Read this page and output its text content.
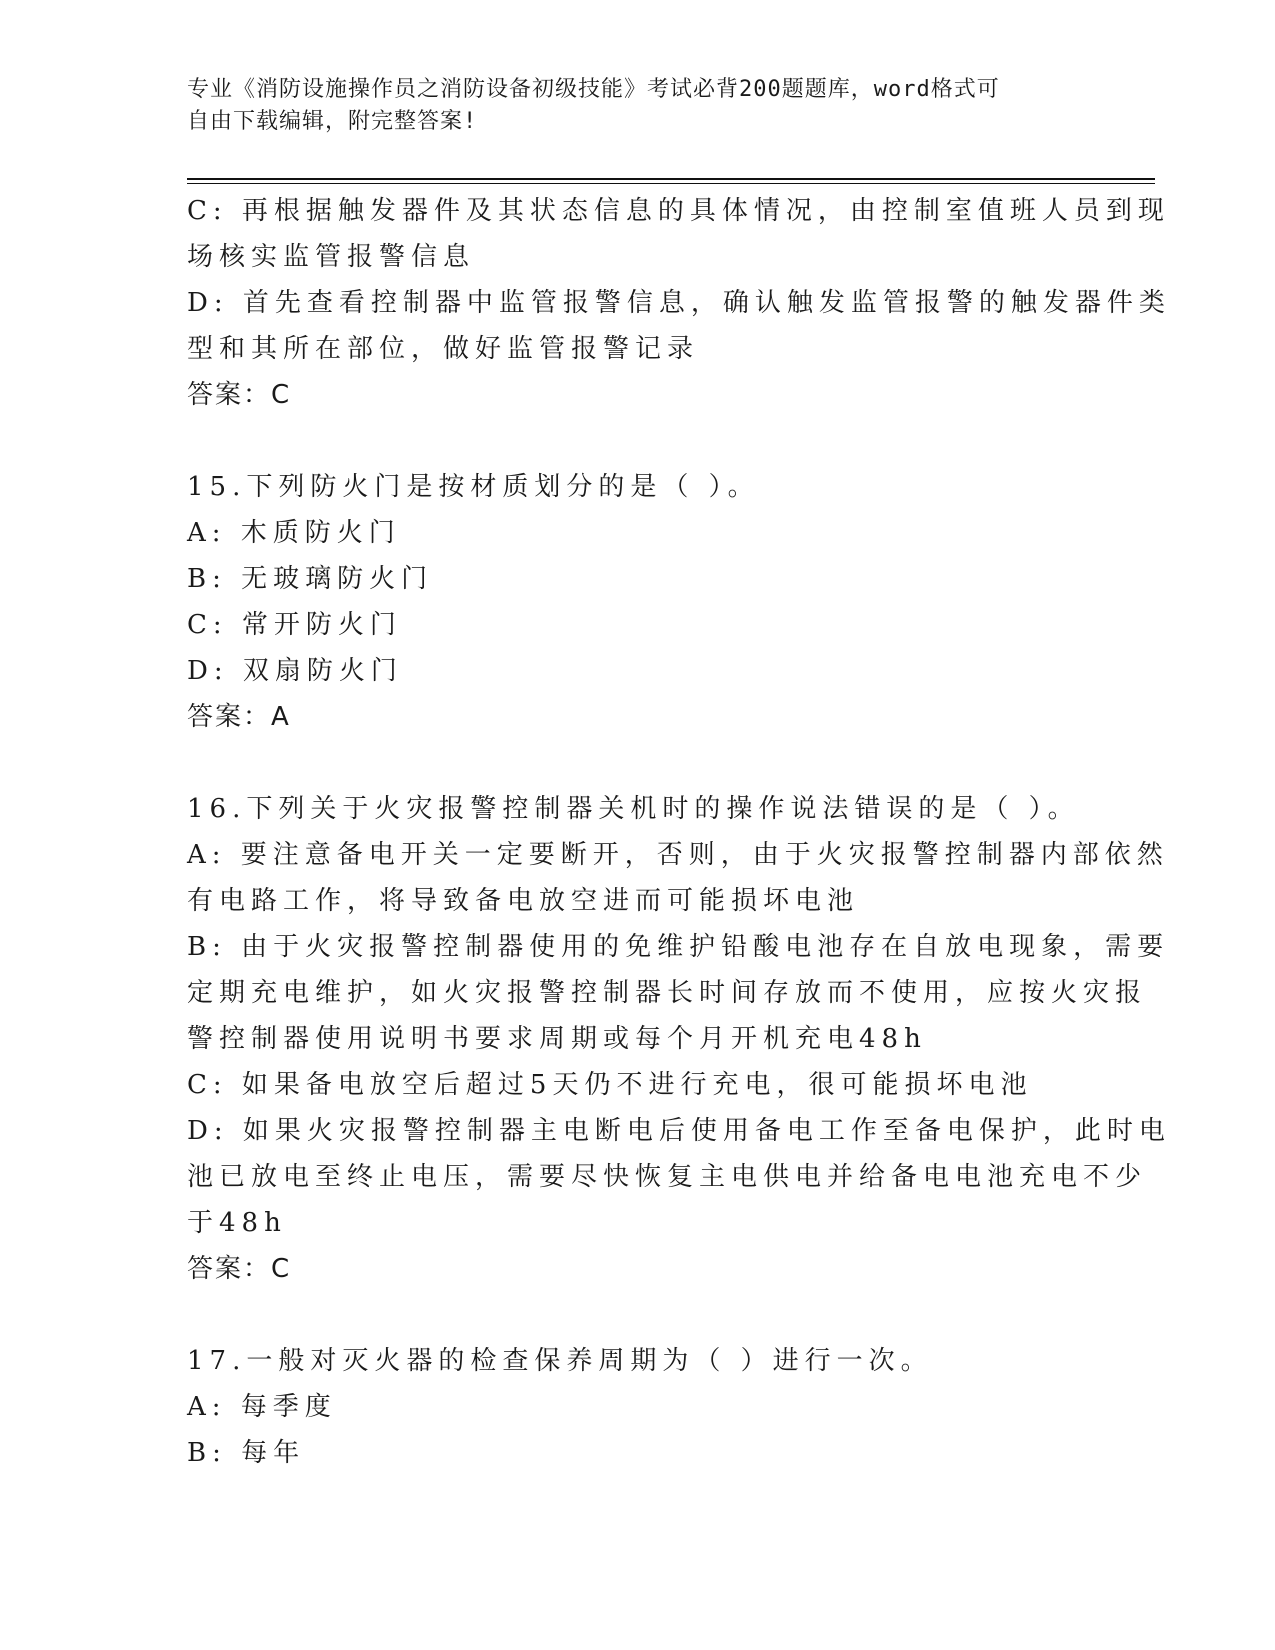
专业《消防设施操作员之消防设备初级技能》考试必背200题题库，word格式可
自由下载编辑，附完整答案!
C: 再根据触发器件及其状态信息的具体情况，由控制室值班人员到现
场核实监管报警信息
D: 首先查看控制器中监管报警信息，确认触发监管报警的触发器件类
型和其所在部位，做好监管报警记录
答案：C
15.下列防火门是按材质划分的是（ ）。
A: 木质防火门
B: 无玻璃防火门
C: 常开防火门
D: 双扇防火门
答案：A
16.下列关于火灾报警控制器关机时的操作说法错误的是（ ）。
A: 要注意备电开关一定要断开，否则，由于火灾报警控制器内部依然
有电路工作，将导致备电放空进而可能损坏电池
B: 由于火灾报警控制器使用的免维护铅酸电池存在自放电现象，需要
定期充电维护，如火灾报警控制器长时间存放而不使用，应按火灾报
警控制器使用说明书要求周期或每个月开机充电48h
C: 如果备电放空后超过5天仍不进行充电，很可能损坏电池
D: 如果火灾报警控制器主电断电后使用备电工作至备电保护，此时电
池已放电至终止电压，需要尽快恢复主电供电并给备电电池充电不少
于48h
答案：C
17.一般对灭火器的检查保养周期为（ ）进行一次。
A: 每季度
B: 每年
